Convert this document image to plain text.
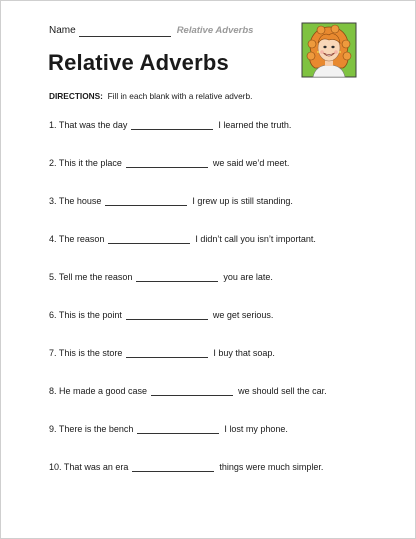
Name	Relative Adverbs
Relative Adverbs
DIRECTIONS: Fill in each blank with a relative adverb.
1. That was the day	I learned the truth.
2. This it the place	we said we’d meet.
3. The house	I grew up is still standing.
4. The reason	I didn’t call you isn’t important.
5. Tell me the reason	you are late.
6. This is the point	we get serious.
7. This is the store	I buy that soap.
8. He made a good case	we should sell the car.
9. There is the bench	I lost my phone.
10. That was an era	things were much simpler.
